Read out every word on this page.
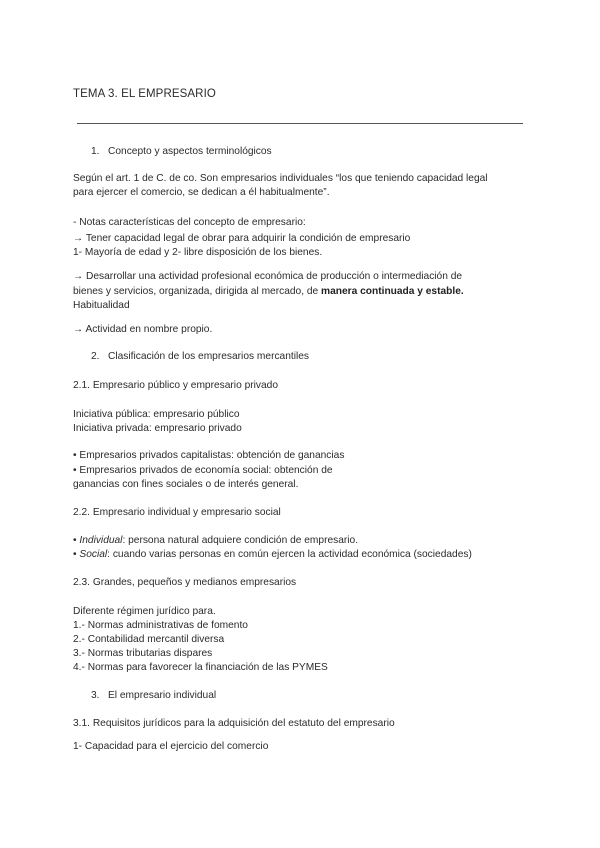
TEMA 3. EL EMPRESARIO
1. Concepto y aspectos terminológicos
Según el art. 1 de C. de co. Son empresarios individuales “los que teniendo capacidad legal
para ejercer el comercio, se dedican a él habitualmente”.
- Notas características del concepto de empresario:
→ Tener capacidad legal de obrar para adquirir la condición de empresario
1- Mayoría de edad y 2- libre disposición de los bienes.
→ Desarrollar una actividad profesional económica de producción o intermediación de
bienes y servicios, organizada, dirigida al mercado, de manera continuada y estable.
Habitualidad
→ Actividad en nombre propio.
2. Clasificación de los empresarios mercantiles
2.1. Empresario público y empresario privado
Iniciativa pública: empresario público
Iniciativa privada: empresario privado
• Empresarios privados capitalistas: obtención de ganancias
• Empresarios privados de economía social: obtención de
ganancias con fines sociales o de interés general.
2.2. Empresario individual y empresario social
• Individual: persona natural adquiere condición de empresario.
• Social: cuando varias personas en común ejercen la actividad económica (sociedades)
2.3. Grandes, pequeños y medianos empresarios
Diferente régimen jurídico para.
1.- Normas administrativas de fomento
2.- Contabilidad mercantil diversa
3.- Normas tributarias dispares
4.- Normas para favorecer la financiación de las PYMES
3. El empresario individual
3.1. Requisitos jurídicos para la adquisición del estatuto del empresario
1- Capacidad para el ejercicio del comercio
